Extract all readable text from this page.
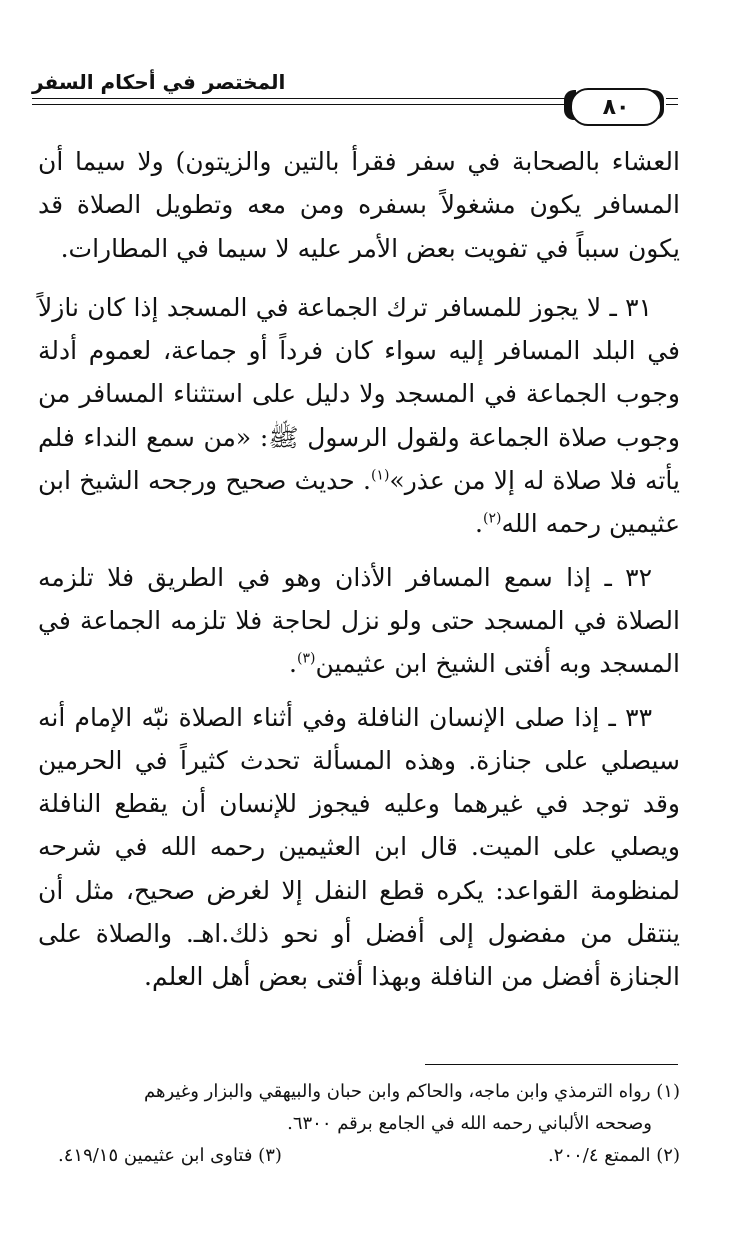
المختصر في أحكام السفر
٨٠

العشاء بالصحابة في سفر فقرأ بالتين والزيتون) ولا سيما أن المسافر يكون مشغولاً بسفره ومن معه وتطويل الصلاة قد يكون سبباً في تفويت بعض الأمر عليه لا سيما في المطارات.

٣١ ـ لا يجوز للمسافر ترك الجماعة في المسجد إذا كان نازلاً في البلد المسافر إليه سواء كان فرداً أو جماعة، لعموم أدلة وجوب الجماعة في المسجد ولا دليل على استثناء المسافر من وجوب صلاة الجماعة ولقول الرسول ﷺ: «من سمع النداء فلم يأته فلا صلاة له إلا من عذر»$^{(١)}$. حديث صحيح ورجحه الشيخ ابن عثيمين رحمه الله$^{(٢)}$.

٣٢ ـ إذا سمع المسافر الأذان وهو في الطريق فلا تلزمه الصلاة في المسجد حتى ولو نزل لحاجة فلا تلزمه الجماعة في المسجد وبه أفتى الشيخ ابن عثيمين$^{(٣)}$.

٣٣ ـ إذا صلى الإنسان النافلة وفي أثناء الصلاة نبّه الإمام أنه سيصلي على جنازة. وهذه المسألة تحدث كثيراً في الحرمين وقد توجد في غيرهما وعليه فيجوز للإنسان أن يقطع النافلة ويصلي على الميت. قال ابن العثيمين رحمه الله في شرحه لمنظومة القواعد: يكره قطع النفل إلا لغرض صحيح، مثل أن ينتقل من مفضول إلى أفضل أو نحو ذلك.اهـ. والصلاة على الجنازة أفضل من النافلة وبهذا أفتى بعض أهل العلم.

(١) رواه الترمذي وابن ماجه، والحاكم وابن حبان والبيهقي والبزار وغيرهم
وصححه الألباني رحمه الله في الجامع برقم ٦٣٠٠.
(٢) الممتع ٢٠٠/٤.
(٣) فتاوى ابن عثيمين ٤١٩/١٥.
